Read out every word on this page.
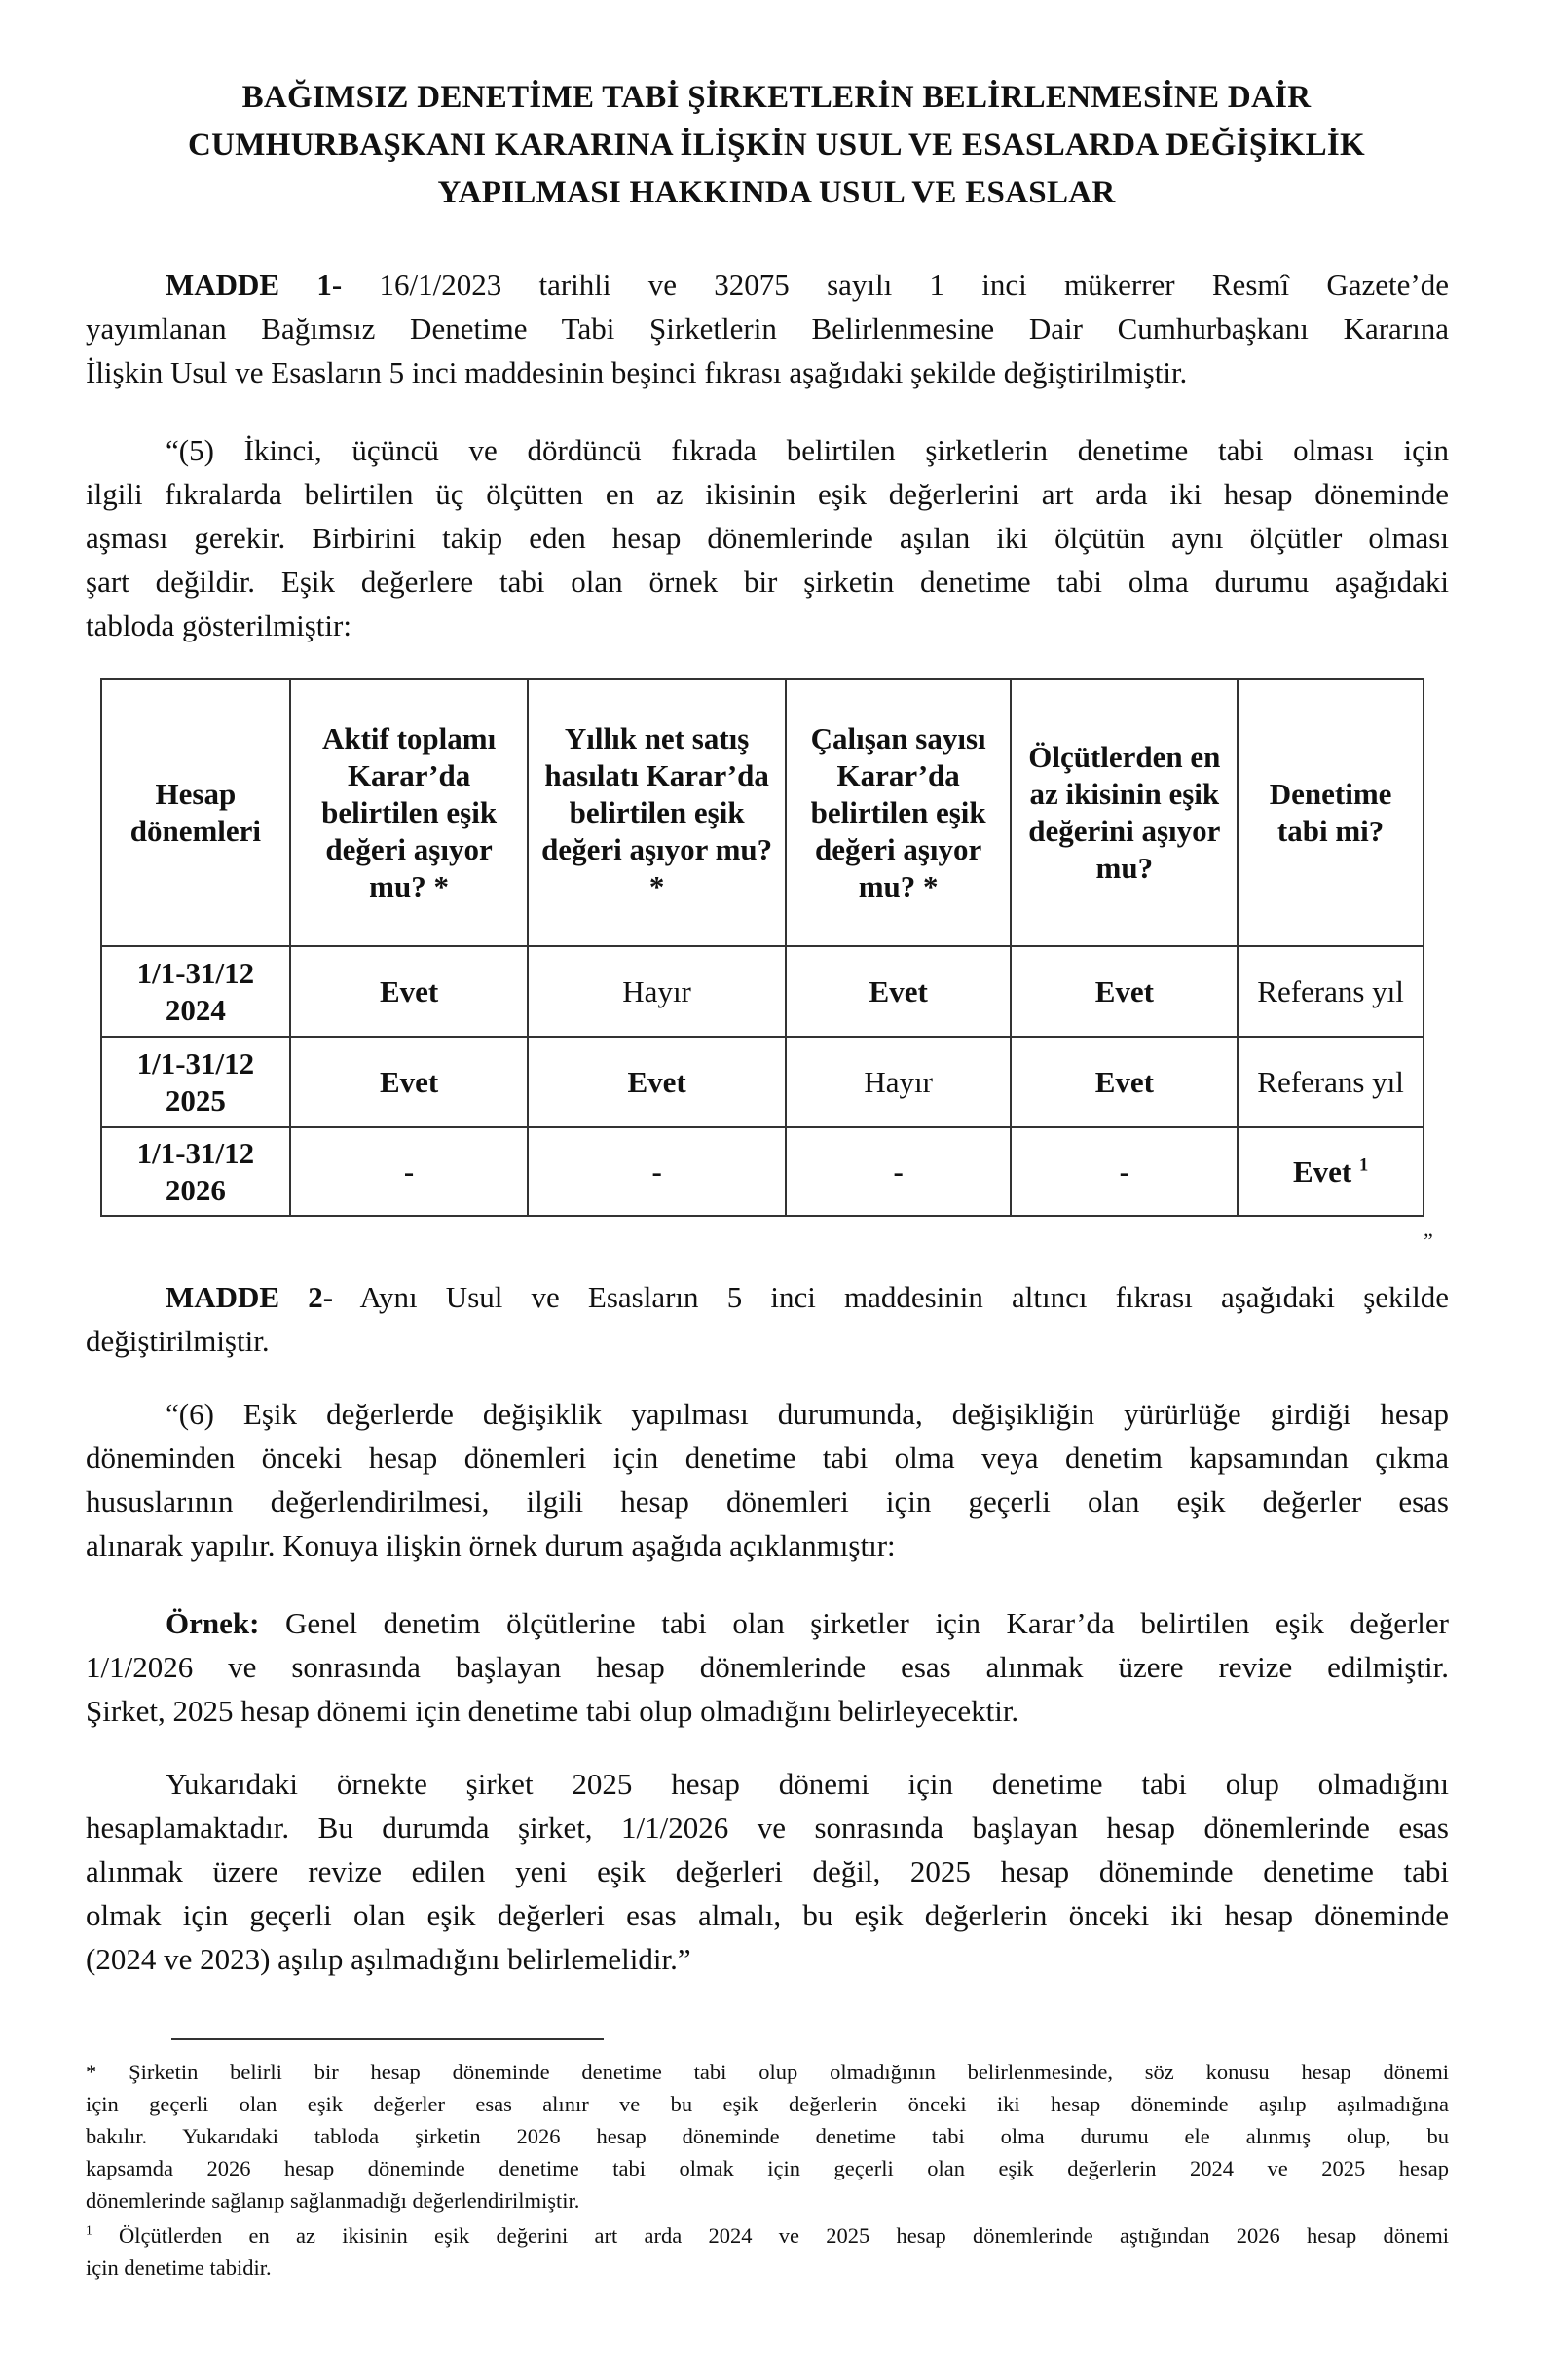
BAĞIMSIZ DENETİME TABİ ŞİRKETLERİN BELİRLENMESİNE DAİR
CUMHURBAŞKANI KARARINA İLİŞKİN USUL VE ESASLARDA DEĞİŞİKLİK
YAPILMASI HAKKINDA USUL VE ESASLAR
MADDE 1- 16/1/2023 tarihli ve 32075 sayılı 1 inci mükerrer Resmî Gazete’de
yayımlanan Bağımsız Denetime Tabi Şirketlerin Belirlenmesine Dair Cumhurbaşkanı Kararına
İlişkin Usul ve Esasların 5 inci maddesinin beşinci fıkrası aşağıdaki şekilde değiştirilmiştir.
“(5) İkinci, üçüncü ve dördüncü fıkrada belirtilen şirketlerin denetime tabi olması için
ilgili fıkralarda belirtilen üç ölçütten en az ikisinin eşik değerlerini art arda iki hesap döneminde
aşması gerekir. Birbirini takip eden hesap dönemlerinde aşılan iki ölçütün aynı ölçütler olması
şart değildir. Eşik değerlere tabi olan örnek bir şirketin denetime tabi olma durumu aşağıdaki
tabloda gösterilmiştir:
Hesap dönemleri	Aktif toplamı Karar’da belirtilen eşik değeri aşıyor mu? *	Yıllık net satış hasılatı Karar’da belirtilen eşik değeri aşıyor mu? *	Çalışan sayısı Karar’da belirtilen eşik değeri aşıyor mu? *	Ölçütlerden en az ikisinin eşik değerini aşıyor mu?	Denetime tabi mi?
1/1-31/12 2024	Evet	Hayır	Evet	Evet	Referans yıl
1/1-31/12 2025	Evet	Evet	Hayır	Evet	Referans yıl
1/1-31/12 2026	-	-	-	-	Evet $^1$
”
MADDE 2- Aynı Usul ve Esasların 5 inci maddesinin altıncı fıkrası aşağıdaki şekilde
değiştirilmiştir.
“(6) Eşik değerlerde değişiklik yapılması durumunda, değişikliğin yürürlüğe girdiği hesap
döneminden önceki hesap dönemleri için denetime tabi olma veya denetim kapsamından çıkma
hususlarının değerlendirilmesi, ilgili hesap dönemleri için geçerli olan eşik değerler esas
alınarak yapılır. Konuya ilişkin örnek durum aşağıda açıklanmıştır:
Örnek: Genel denetim ölçütlerine tabi olan şirketler için Karar’da belirtilen eşik değerler
1/1/2026 ve sonrasında başlayan hesap dönemlerinde esas alınmak üzere revize edilmiştir.
Şirket, 2025 hesap dönemi için denetime tabi olup olmadığını belirleyecektir.
Yukarıdaki örnekte şirket 2025 hesap dönemi için denetime tabi olup olmadığını
hesaplamaktadır. Bu durumda şirket, 1/1/2026 ve sonrasında başlayan hesap dönemlerinde esas
alınmak üzere revize edilen yeni eşik değerleri değil, 2025 hesap döneminde denetime tabi
olmak için geçerli olan eşik değerleri esas almalı, bu eşik değerlerin önceki iki hesap döneminde
(2024 ve 2023) aşılıp aşılmadığını belirlemelidir.”
* Şirketin belirli bir hesap döneminde denetime tabi olup olmadığının belirlenmesinde, söz konusu hesap dönemi
için geçerli olan eşik değerler esas alınır ve bu eşik değerlerin önceki iki hesap döneminde aşılıp aşılmadığına
bakılır. Yukarıdaki tabloda şirketin 2026 hesap döneminde denetime tabi olma durumu ele alınmış olup, bu
kapsamda 2026 hesap döneminde denetime tabi olmak için geçerli olan eşik değerlerin 2024 ve 2025 hesap
dönemlerinde sağlanıp sağlanmadığı değerlendirilmiştir.
$^1$ Ölçütlerden en az ikisinin eşik değerini art arda 2024 ve 2025 hesap dönemlerinde aştığından 2026 hesap dönemi
için denetime tabidir.
